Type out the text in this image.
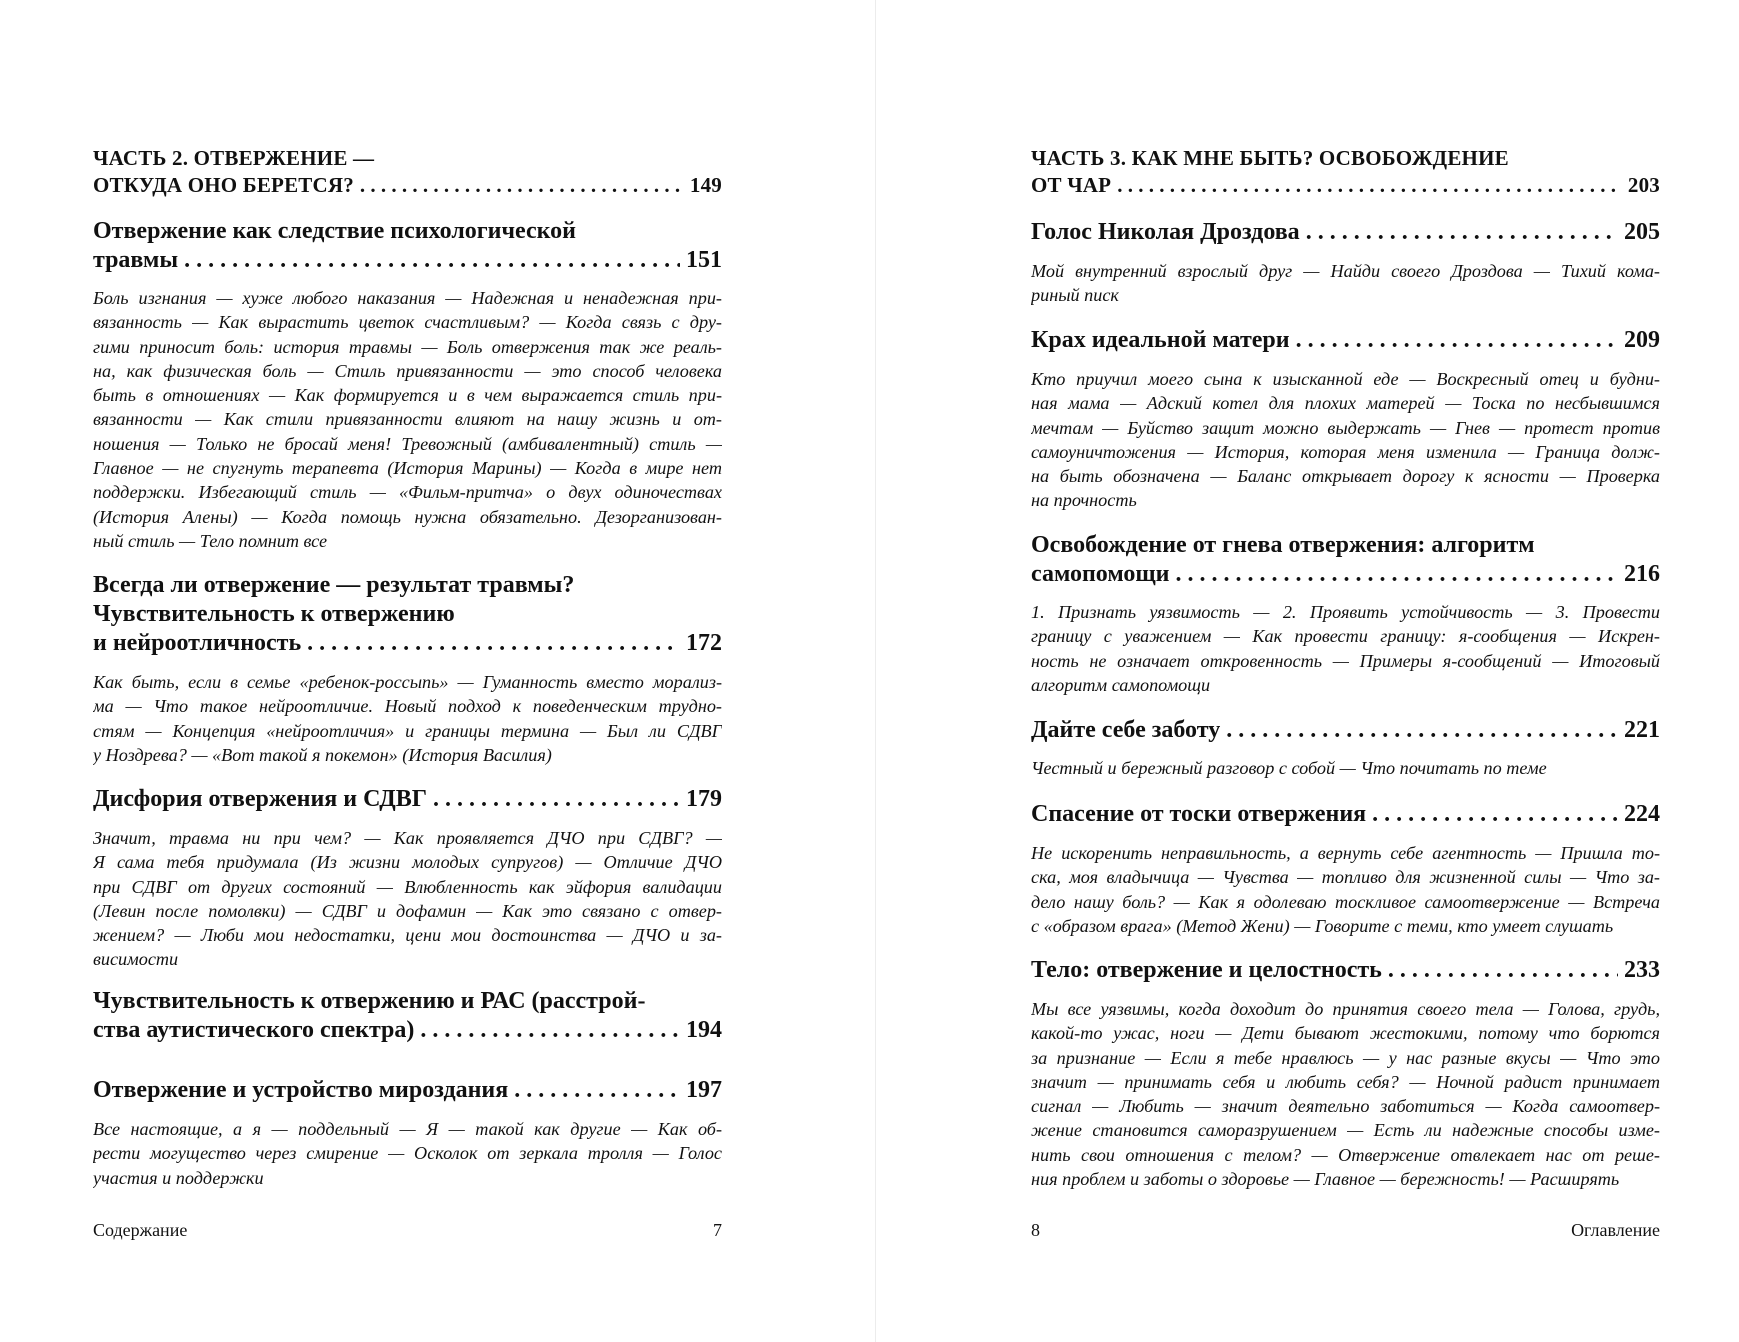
ЧАСТЬ 2. ОТВЕРЖЕНИЕ —
ОТКУДА ОНО БЕРЕТСЯ? . . .	149
Отвержение как следствие психологической
травмы . . .	151
Боль изгнания — хуже любого наказания — Надежная и ненадежная при-
вязанность — Как вырастить цветок счастливым? — Когда связь с дру-
гими приносит боль: история травмы — Боль отвержения так же реаль-
на, как физическая боль — Стиль привязанности — это способ человека
быть в отношениях — Как формируется и в чем выражается стиль при-
вязанности — Как стили привязанности влияют на нашу жизнь и от-
ношения — Только не бросай меня! Тревожный (амбивалентный) стиль —
Главное — не спугнуть терапевта (История Марины) — Когда в мире нет
поддержки. Избегающий стиль — «Фильм-притча» о двух одиночествах
(История Алены) — Когда помощь нужна обязательно. Дезорганизован-
ный стиль — Тело помнит все
Всегда ли отвержение — результат травмы?
Чувствительность к отвержению
и нейроотличность . . .	172
Как быть, если в семье «ребенок-россыпь» — Гуманность вместо морализ-
ма — Что такое нейроотличие. Новый подход к поведенческим трудно-
стям — Концепция «нейроотличия» и границы термина — Был ли СДВГ
у Ноздрева? — «Вот такой я покемон» (История Василия)
Дисфория отвержения и СДВГ . . .	179
Значит, травма ни при чем? — Как проявляется ДЧО при СДВГ? —
Я сама тебя придумала (Из жизни молодых супругов) — Отличие ДЧО
при СДВГ от других состояний — Влюбленность как эйфория валидации
(Левин после помолвки) — СДВГ и дофамин — Как это связано с отвер-
жением? — Люби мои недостатки, цени мои достоинства — ДЧО и за-
висимости
Чувствительность к отвержению и РАС (расстрой-
ства аутистического спектра) . . .	194
Отвержение и устройство мироздания . . .	197
Все настоящие, а я — поддельный — Я — такой как другие — Как об-
рести могущество через смирение — Осколок от зеркала тролля — Голос
участия и поддержки
Содержание	7
ЧАСТЬ 3. КАК МНЕ БЫТЬ? ОСВОБОЖДЕНИЕ
ОТ ЧАР . . .	203
Голос Николая Дроздова . . .	205
Мой внутренний взрослый друг — Найди своего Дроздова — Тихий кома-
риный писк
Крах идеальной матери . . .	209
Кто приучил моего сына к изысканной еде — Воскресный отец и будни-
ная мама — Адский котел для плохих матерей — Тоска по несбывшимся
мечтам — Буйство защит можно выдержать — Гнев — протест против
самоуничтожения — История, которая меня изменила — Граница долж-
на быть обозначена — Баланс открывает дорогу к ясности — Проверка
на прочность
Освобождение от гнева отвержения: алгоритм
самопомощи . . .	216
1. Признать уязвимость — 2. Проявить устойчивость — 3. Провести
границу с уважением — Как провести границу: я-сообщения — Искрен-
ность не означает откровенность — Примеры я-сообщений — Итоговый
алгоритм самопомощи
Дайте себе заботу . . .	221
Честный и бережный разговор с собой — Что почитать по теме
Спасение от тоски отвержения . . .	224
Не искоренить неправильность, а вернуть себе агентность — Пришла то-
ска, моя владычица — Чувства — топливо для жизненной силы — Что за-
дело нашу боль? — Как я одолеваю тоскливое самоотвержение — Встреча
с «образом врага» (Метод Жени) — Говорите с теми, кто умеет слушать
Тело: отвержение и целостность . . .	233
Мы все уязвимы, когда доходит до принятия своего тела — Голова, грудь,
какой-то ужас, ноги — Дети бывают жестокими, потому что борются
за признание — Если я тебе нравлюсь — у нас разные вкусы — Что это
значит — принимать себя и любить себя? — Ночной радист принимает
сигнал — Любить — значит деятельно заботиться — Когда самоотвер-
жение становится саморазрушением — Есть ли надежные способы изме-
нить свои отношения с телом? — Отвержение отвлекает нас от реше-
ния проблем и заботы о здоровье — Главное — бережность! — Расширять
8	Оглавление
